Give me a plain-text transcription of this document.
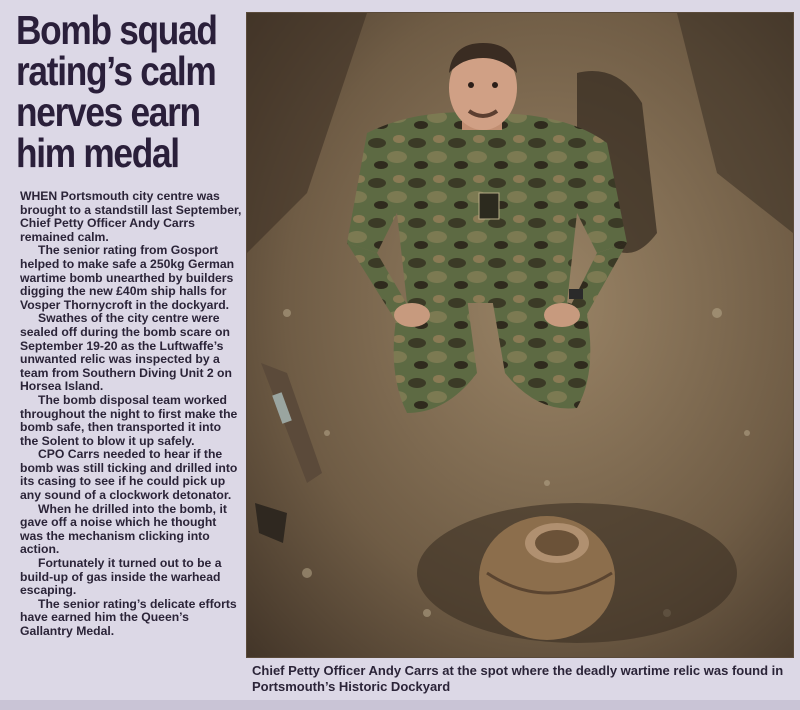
Bomb squad
rating’s calm
nerves earn
him medal

WHEN Portsmouth city centre was brought to a standstill last September, Chief Petty Officer Andy Carrs remained calm.

The senior rating from Gosport helped to make safe a 250kg German wartime bomb unearthed by builders digging the new £40m ship halls for Vosper Thornycroft in the dockyard.

Swathes of the city centre were sealed off during the bomb scare on September 19-20 as the Luftwaffe’s unwanted relic was inspected by a team from Southern Diving Unit 2 on Horsea Island.

The bomb disposal team worked throughout the night to first make the bomb safe, then transported it into the Solent to blow it up safely.

CPO Carrs needed to hear if the bomb was still ticking and drilled into its casing to see if he could pick up any sound of a clockwork detonator.

When he drilled into the bomb, it gave off a noise which he thought was the mechanism clicking into action.

Fortunately it turned out to be a build-up of gas inside the warhead escaping.

The senior rating’s delicate efforts have earned him the Queen’s Gallantry Medal.

Chief Petty Officer Andy Carrs at the spot where the deadly wartime relic was found in Portsmouth’s Historic Dockyard
